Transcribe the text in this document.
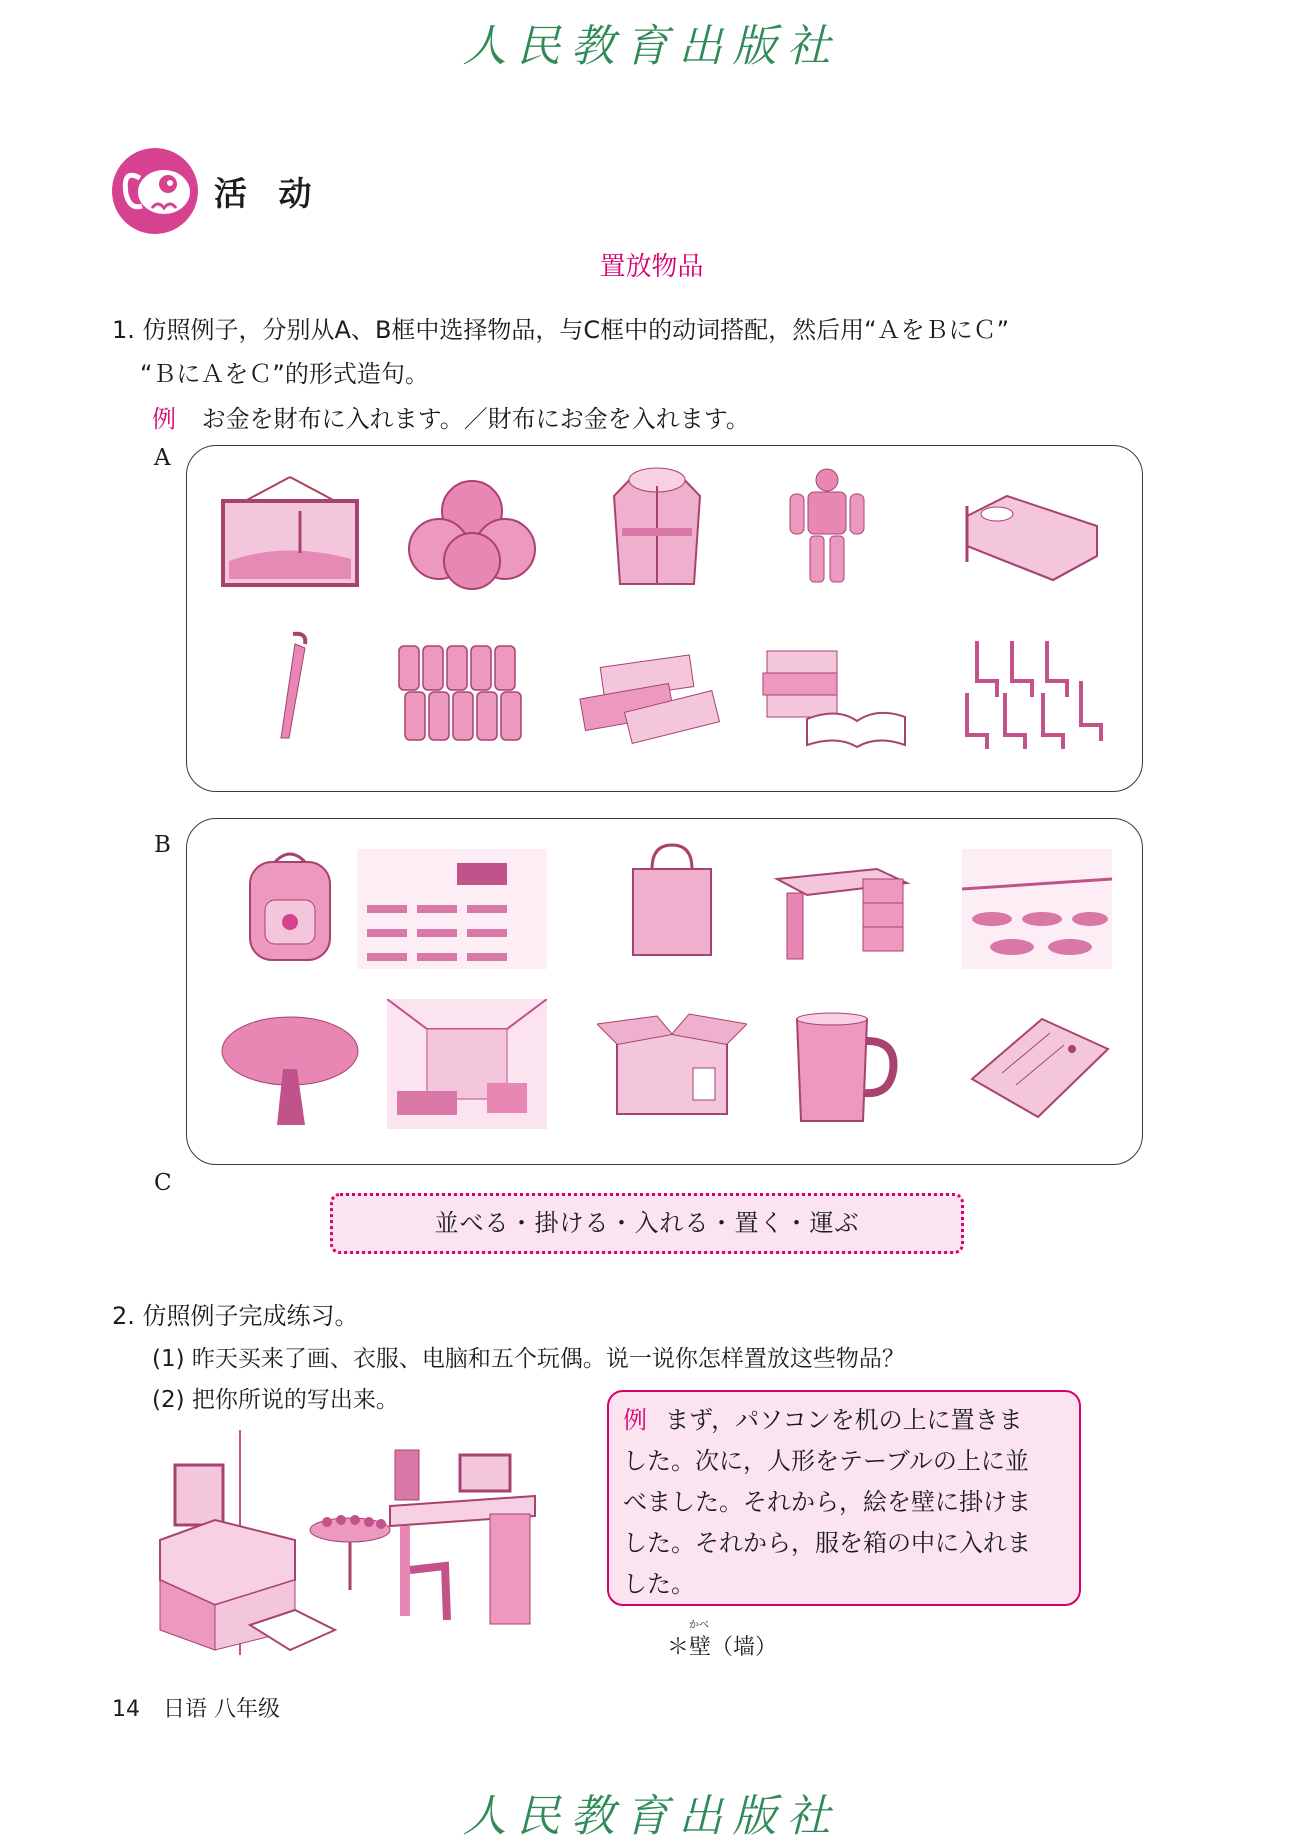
人民教育出版社
活 动
置放物品
1. 仿照例子，分别从A、B框中选择物品，与C框中的动词搭配，然后用“ＡをＢにＣ”
“ＢにＡをＣ”的形式造句。
例 お金を財布に入れます。／財布にお金を入れます。
A
B
C
並べる・掛ける・入れる・置く・運ぶ
2. 仿照例子完成练习。
(1) 昨天买来了画、衣服、电脑和五个玩偶。说一说你怎样置放这些物品？
(2) 把你所说的写出来。
例 まず，パソコンを机の上に置きま
した。次に，人形をテーブルの上に並
べました。それから，絵を壁に掛けま
した。それから，服を箱の中に入れま
した。
＊
かべ
壁（墙）
14 日语 八年级
人民教育出版社
